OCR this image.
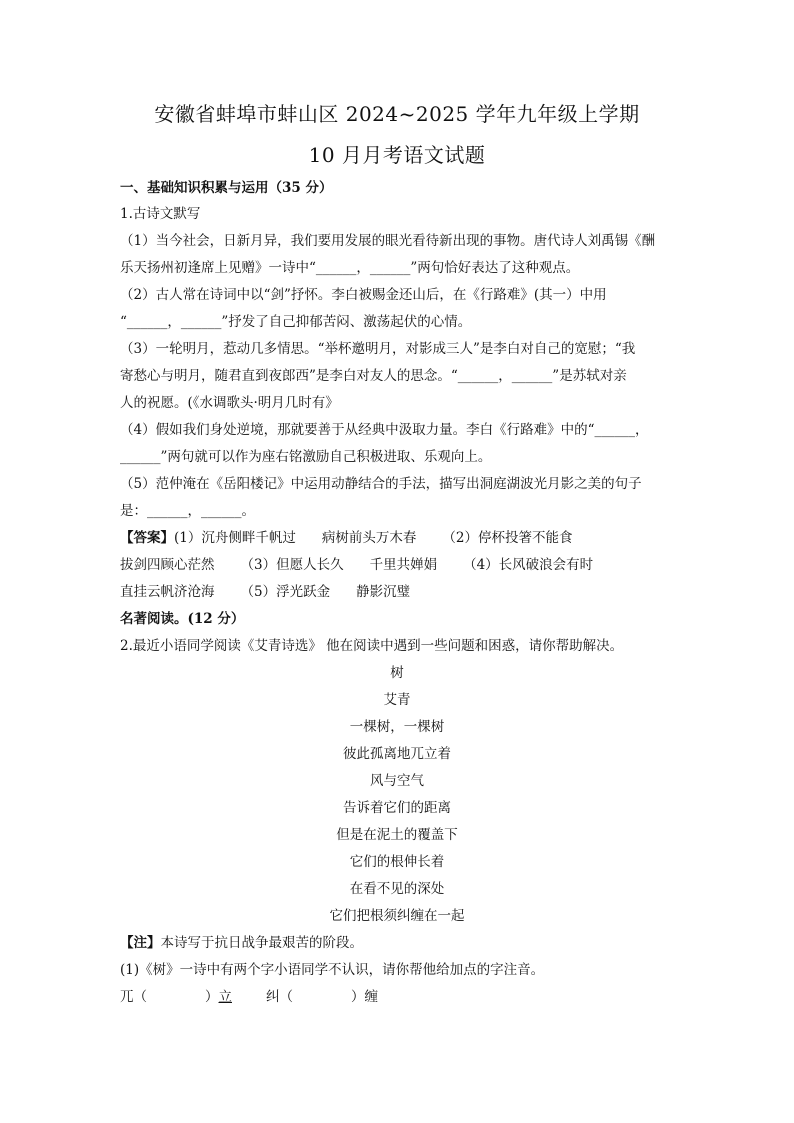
安徽省蚌埠市蚌山区 2024~2025 学年九年级上学期
10 月月考语文试题
一、基础知识积累与运用（35 分）
1.古诗文默写
（1）当今社会，日新月异，我们要用发展的眼光看待新出现的事物。唐代诗人刘禹锡《酬
乐天扬州初逢席上见赠》一诗中“______，______”两句恰好表达了这种观点。
（2）古人常在诗词中以“剑”抒怀。李白被赐金还山后，在《行路难》(其一）中用
“______，______”抒发了自己抑郁苦闷、激荡起伏的心情。
（3）一轮明月，惹动几多情思。“举杯邀明月，对影成三人”是李白对自己的宽慰；“我
寄愁心与明月，随君直到夜郎西”是李白对友人的思念。“______，______”是苏轼对亲
人的祝愿。(《水调歌头·明月几时有》
（4）假如我们身处逆境，那就要善于从经典中汲取力量。李白《行路难》中的“______，
______”两句就可以作为座右铭激励自己积极进取、乐观向上。
（5）范仲淹在《岳阳楼记》中运用动静结合的手法，描写出洞庭湖波光月影之美的句子
是：______，______。
【答案】(1）沉舟侧畔千帆过 病树前头万木春 （2）停杯投箸不能食
拔剑四顾心茫然 （3）但愿人长久 千里共婵娟 （4）长风破浪会有时
直挂云帆济沧海 （5）浮光跃金 静影沉璧
名著阅读。(12 分）
2.最近小语同学阅读《艾青诗选》 他在阅读中遇到一些问题和困惑，请你帮助解决。
树
艾青
一棵树，一棵树
彼此孤离地兀立着
风与空气
告诉着它们的距离
但是在泥土的覆盖下
它们的根伸长着
在看不见的深处
它们把根须纠缠在一起
【注】本诗写于抗日战争最艰苦的阶段。
(1)《树》一诗中有两个字小语同学不认识，请你帮他给加点的字注音。
兀（	）立	纠（	）缠
